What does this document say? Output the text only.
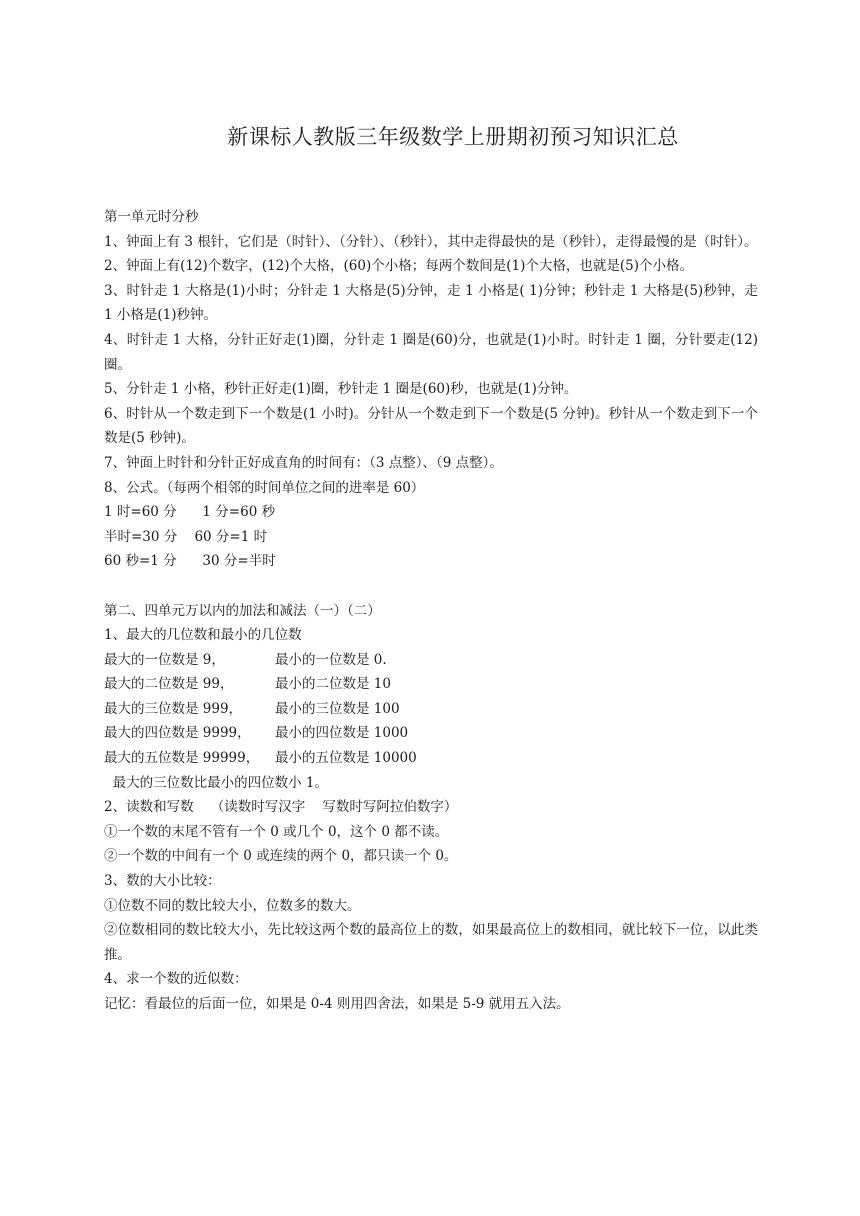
新课标人教版三年级数学上册期初预习知识汇总
第一单元时分秒
1、钟面上有 3 根针，它们是（时针）、（分针）、（秒针），其中走得最快的是（秒针），走得最慢的是（时针）。
2、钟面上有(12)个数字，(12)个大格，(60)个小格；每两个数间是(1)个大格，也就是(5)个小格。
3、时针走 1 大格是(1)小时；分针走 1 大格是(5)分钟，走 1 小格是( 1)分钟；秒针走 1 大格是(5)秒钟，走 1 小格是(1)秒钟。
4、时针走 1 大格，分针正好走(1)圈，分针走 1 圈是(60)分，也就是(1)小时。时针走 1 圈，分针要走(12)圈。
5、分针走 1 小格，秒针正好走(1)圈，秒针走 1 圈是(60)秒，也就是(1)分钟。
6、时针从一个数走到下一个数是(1 小时)。分针从一个数走到下一个数是(5 分钟)。秒针从一个数走到下一个数是(5 秒钟)。
7、钟面上时针和分针正好成直角的时间有：（3 点整）、（9 点整）。
8、公式。（每两个相邻的时间单位之间的进率是 60）
1 时=60 分      1 分=60 秒
半时=30 分    60 分=1 时
60 秒=1 分      30 分=半时
第二、四单元万以内的加法和减法（一）（二）
1、最大的几位数和最小的几位数
最大的一位数是 9，	最小的一位数是 0.
最大的二位数是 99，	最小的二位数是 10
最大的三位数是 999， 最小的三位数是 100
最大的四位数是 9999， 最小的四位数是 1000
最大的五位数是 99999， 最小的五位数是 10000
最大的三位数比最小的四位数小 1。
2、读数和写数    （读数时写汉字    写数时写阿拉伯数字）
①一个数的末尾不管有一个 0 或几个 0，这个 0 都不读。
②一个数的中间有一个 0 或连续的两个 0，都只读一个 0。
3、数的大小比较：
①位数不同的数比较大小，位数多的数大。
②位数相同的数比较大小，先比较这两个数的最高位上的数，如果最高位上的数相同，就比较下一位，以此类推。
4、求一个数的近似数：
记忆：看最位的后面一位，如果是 0-4 则用四舍法，如果是 5-9 就用五入法。
